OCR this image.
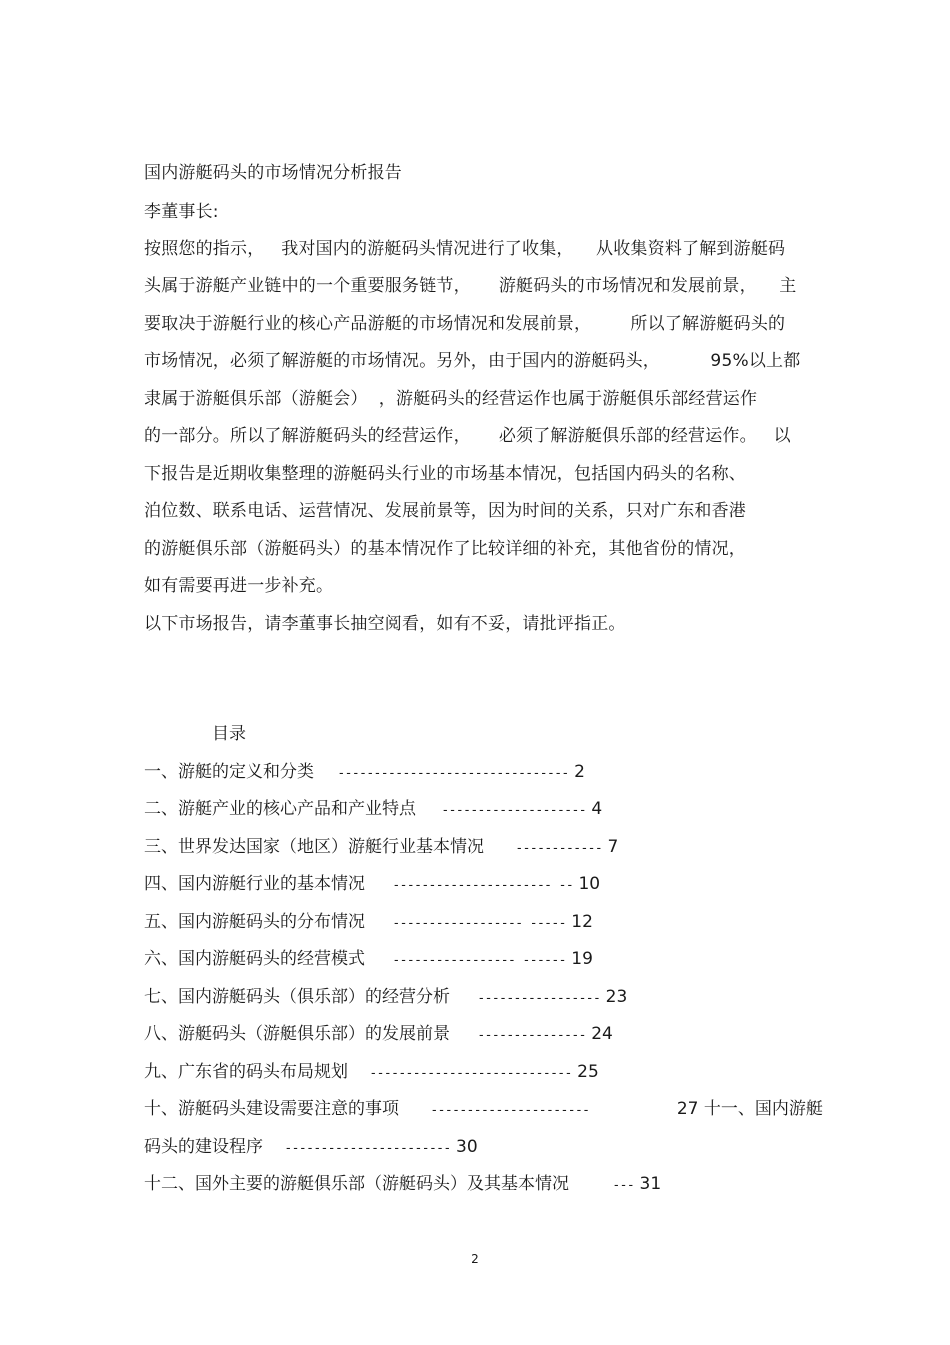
国内游艇码头的市场情况分析报告
李董事长:
按照您的指示，   我对国内的游艇码头情况进行了收集，    从收集资料了解到游艇码
头属于游艇产业链中的一个重要服务链节，     游艇码头的市场情况和发展前景，    主
要取决于游艇行业的核心产品游艇的市场情况和发展前景，       所以了解游艇码头的
市场情况，必须了解游艇的市场情况。另外，由于国内的游艇码头，         95%以上都
隶属于游艇俱乐部（游艇会）  ，游艇码头的经营运作也属于游艇俱乐部经营运作
的一部分。所以了解游艇码头的经营运作，     必须了解游艇俱乐部的经营运作。   以
下报告是近期收集整理的游艇码头行业的市场基本情况，包括国内码头的名称、
泊位数、联系电话、运营情况、发展前景等，因为时间的关系，只对广东和香港
的游艇俱乐部（游艇码头）的基本情况作了比较详细的补充，其他省份的情况，
如有需要再进一步补充。
以下市场报告，请李董事长抽空阅看，如有不妥，请批评指正。
目录
一、游艇的定义和分类 -------------------------------- 2
二、游艇产业的核心产品和产业特点 -------------------- 4
三、世界发达国家（地区）游艇行业基本情况 ------------ 7
四、国内游艇行业的基本情况 ---------------------- -- 10
五、国内游艇码头的分布情况 ------------------ ----- 12
六、国内游艇码头的经营模式 ----------------- ------ 19
七、国内游艇码头（俱乐部）的经营分析 ----------------- 23
八、游艇码头（游艇俱乐部）的发展前景 --------------- 24
九、广东省的码头布局规划 ---------------------------- 25
十、游艇码头建设需要注意的事项 ----------------------	27 十一、国内游艇
码头的建设程序 ----------------------- 30
十二、国外主要的游艇俱乐部（游艇码头）及其基本情况	--- 31
2
